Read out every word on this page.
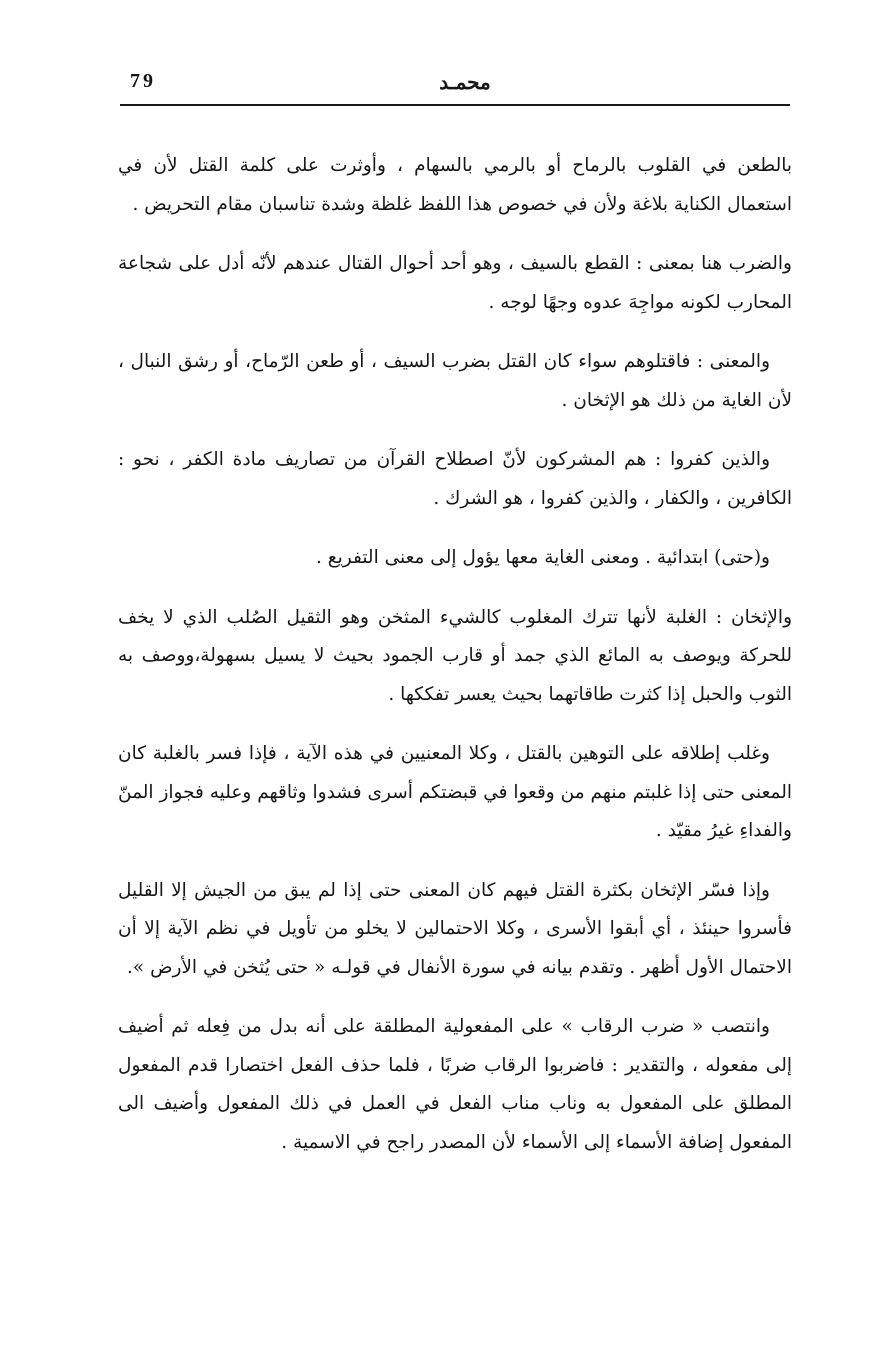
79	محمـد

بالطعن في القلوب بالرماح أو بالرمي بالسهام ، وأوثرت على كلمة القتل لأن في استعمال الكناية بلاغة ولأن في خصوص هذا اللفظ غلظة وشدة تناسبان مقام التحريض .

والضرب هنا بمعنى : القطع بالسيف ، وهو أحد أحوال القتال عندهم لأنّه أدل على شجاعة المحارب لكونه مواجِهَ عدوه وجهًا لوجه .

والمعنى : فاقتلوهم سواء كان القتل بضرب السيف ، أو طعن الرّماح، أو رشق النبال ، لأن الغاية من ذلك هو الإثخان .

والذين كفروا : هم المشركون لأنّ اصطلاح القرآن من تصاريف مادة الكفر ، نحو : الكافرين ، والكفار ، والذين كفروا ، هو الشرك .

و(حتى) ابتدائية . ومعنى الغاية معها يؤول إلى معنى التفريع .

والإثخان : الغلبة لأنها تترك المغلوب كالشيء المثخن وهو الثقيل الصُلب الذي لا يخف للحركة ويوصف به المائع الذي جمد أو قارب الجمود بحيث لا يسيل بسهولة،ووصف به الثوب والحبل إذا كثرت طاقاتهما بحيث يعسر تفككها .

وغلب إطلاقه على التوهين بالقتل ، وكلا المعنيين في هذه الآية ، فإذا فسر بالغلبة كان المعنى حتى إذا غلبتم منهم من وقعوا في قبضتكم أسرى فشدوا وثاقهم وعليه فجواز المنّ والفداءِ غيرُ مقيّد .

وإذا فسّر الإثخان بكثرة القتل فيهم كان المعنى حتى إذا لم يبق من الجيش إلا القليل فأسروا حينئذ ، أي أبقوا الأسرى ، وكلا الاحتمالين لا يخلو من تأويل في نظم الآية إلا أن الاحتمال الأول أظهر . وتقدم بيانه في سورة الأنفال في قولـه « حتى يُثخن في الأرض ».

وانتصب « ضرب الرقاب » على المفعولية المطلقة على أنه بدل من فِعله ثم أضيف إلى مفعوله ، والتقدير : فاضربوا الرقاب ضربًا ، فلما حذف الفعل اختصارا قدم المفعول المطلق على المفعول به وناب مناب الفعل في العمل في ذلك المفعول وأضيف الى المفعول إضافة الأسماء إلى الأسماء لأن المصدر راجح في الاسمية .
